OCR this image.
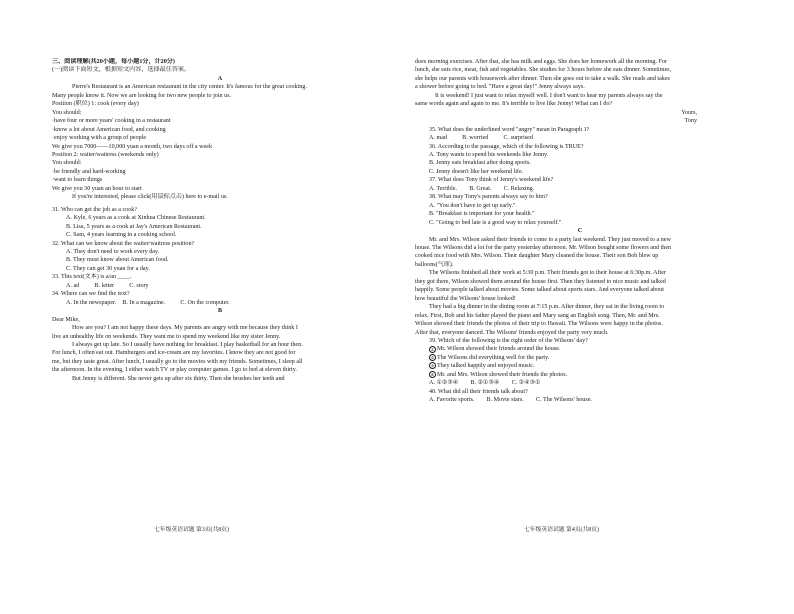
三、阅读理解(共20小题，每小题1分，计20分)
(一)阅读下面短文，根据短文内容，选择最佳答案。
A
Pierre's Restaurant is an American restaurant in the city center. It's famous for the great cooking.
Many people know it. Now we are looking for two new people to join us.
Position (职位) 1: cook (every day)
You should:
·have four or more years' cooking in a restaurant
·know a lot about American food, and cooking
·enjoy working with a group of people
We give you 7000——10,000 yuan a month, two days off a week
Position 2: waiter/waitress (weekends only)
You should:
·be friendly and hard-working
·want to learn things
We give you 30 yuan an hour to start
If you're interested, please click(用鼠标点击) here to e-mail us.
31. Who can get the job as a cook?
A. Kyle, 6 years as a cook at Xinhua Chinese Restaurant.
B. Lisa, 5 years as a cook at Jay's American Restaurant.
C. Sam, 4 years learning in a cooking school.
32. What can we know about the waiter/waitress position?
A. They don't need to work every day.
B. They must know about American food.
C. They can get 30 yuan for a day.
33. This text(文本) is a/an ____.
A. ad          B. letter          C. story
34. Where can we find the text?
A. In the newspaper.    B. In a magazine.          C. On the computer.
B
Dear Mike,
How are you? I am not happy these days. My parents are angry with me because they think I
live an unhealthy life on weekends. They want me to spend my weekend like my sister Jenny.
I always get up late. So I usually have nothing for breakfast. I play basketball for an hour then.
For lunch, I often eat out. Hamburgers and ice-cream are my favorites. I know they are not good for
me, but they taste great. After lunch, I usually go to the movies with my friends. Sometimes, I sleep all
the afternoon. In the evening, I either watch TV or play computer games. I go to bed at eleven thirty.
But Jenny is different. She never gets up after six thirty. Then she brushes her teeth and
does morning exercises. After that, she has milk and eggs. She does her homework all the morning. For
lunch, she eats rice, meat, fish and vegetables. She studies for 3 hours before she eats dinner. Sometimes,
she helps our parents with housework after dinner. Then she goes out to take a walk. She reads and takes
a shower before going to bed. "Have a great day!" Jenny always says.
It is weekend! I just want to relax myself well. I don't want to hear my parents always say the
same words again and again to me. It's terrible to live like Jenny! What can I do?
Yours,
Tony
35. What does the underlined word "angry" mean in Paragraph 1?
A. mad          B. worried          C. surprised
36. According to the passage, which of the following is TRUE?
A. Tony wants to spend his weekends like Jenny.
B. Jenny eats breakfast after doing sports.
C. Jenny doesn't like her weekend life.
37. What does Tony think of Jenny's weekend life?
A. Terrible.        B. Great.        C. Relaxing.
38. What may Tony's parents always say to him?
A. "You don't have to get up early."
B. "Breakfast is important for your health."
C. "Going to bed late is a good way to relax yourself."
C
Mr. and Mrs. Wilson asked their friends to come to a party last weekend. They just moved to a new
house. The Wilsons did a lot for the party yesterday afternoon. Mr. Wilson bought some flowers and then
cooked nice food with Mrs. Wilson. Their daughter Mary cleaned the house. Their son Bob blew up
balloons(气球).
The Wilsons finished all their work at 5:30 p.m. Their friends got to their house at 6:30p.m. After
they got there, Wilson showed them around the house first. Then they listened to nice music and talked
happily. Some people talked about movies. Some talked about sports stars. And everyone talked about
how beautiful the Wilsons' house looked!
They had a big dinner in the dining room at 7:15 p.m. After dinner, they sat in the living room to
relax. First, Bob and his father played the piano and Mary sang an English song. Then, Mr. and Mrs.
Wilson showed their friends the photos of their trip to Hawaii. The Wilsons were happy in the photos.
After that, everyone danced. The Wilsons' friends enjoyed the party very much.
39. Which of the following is the right order of the Wilsons' day?
① Mr. Wilson showed their friends around the house.
② The Wilsons did everything well for the party.
③ They talked happily and enjoyed music.
④ Mr. and Mrs. Wilson showed their friends the photos.
A. ①②③④        B. ②①③④        C. ②④③①
40. What did all their friends talk about?
A. Favorite sports.        B. Movie stars.        C. The Wilsons' house.
七年级英语试题 第3页(共8页)	七年级英语试题 第4页(共8页)
